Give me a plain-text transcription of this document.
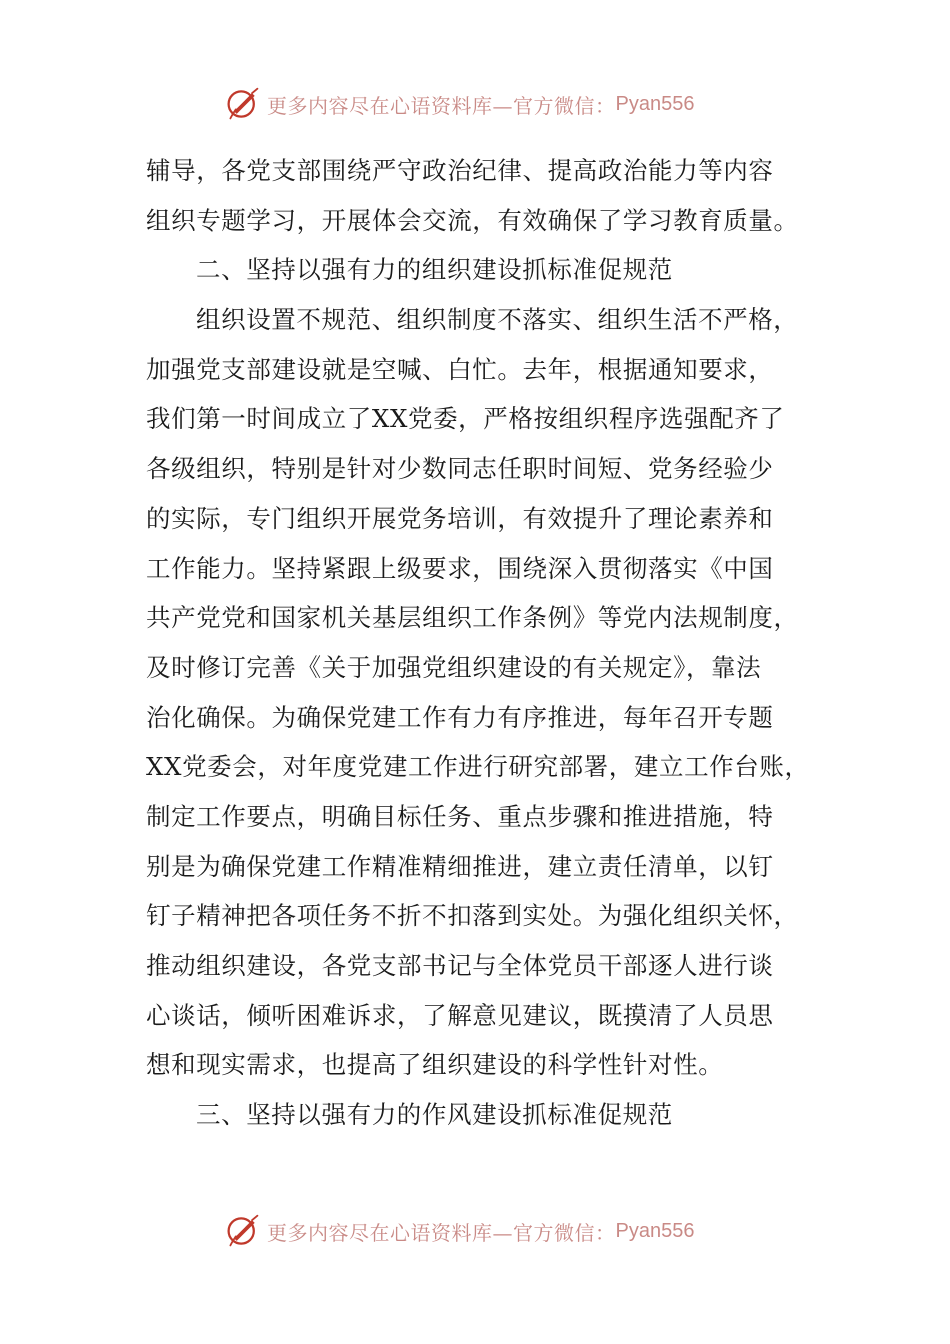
更多内容尽在心语资料库—官方微信： Pyan556
辅导，各党支部围绕严守政治纪律、提高政治能力等内容
组织专题学习，开展体会交流，有效确保了学习教育质量。
二、坚持以强有力的组织建设抓标准促规范
组织设置不规范、组织制度不落实、组织生活不严格，
加强党支部建设就是空喊、白忙。去年，根据通知要求，
我们第一时间成立了XX党委，严格按组织程序选强配齐了
各级组织，特别是针对少数同志任职时间短、党务经验少
的实际，专门组织开展党务培训，有效提升了理论素养和
工作能力。坚持紧跟上级要求，围绕深入贯彻落实《中国
共产党党和国家机关基层组织工作条例》等党内法规制度，
及时修订完善《关于加强党组织建设的有关规定》，靠法
治化确保。为确保党建工作有力有序推进，每年召开专题
XX党委会，对年度党建工作进行研究部署，建立工作台账，
制定工作要点，明确目标任务、重点步骤和推进措施，特
别是为确保党建工作精准精细推进，建立责任清单，以钉
钉子精神把各项任务不折不扣落到实处。为强化组织关怀，
推动组织建设，各党支部书记与全体党员干部逐人进行谈
心谈话，倾听困难诉求，了解意见建议，既摸清了人员思
想和现实需求，也提高了组织建设的科学性针对性。
三、坚持以强有力的作风建设抓标准促规范
更多内容尽在心语资料库—官方微信： Pyan556
